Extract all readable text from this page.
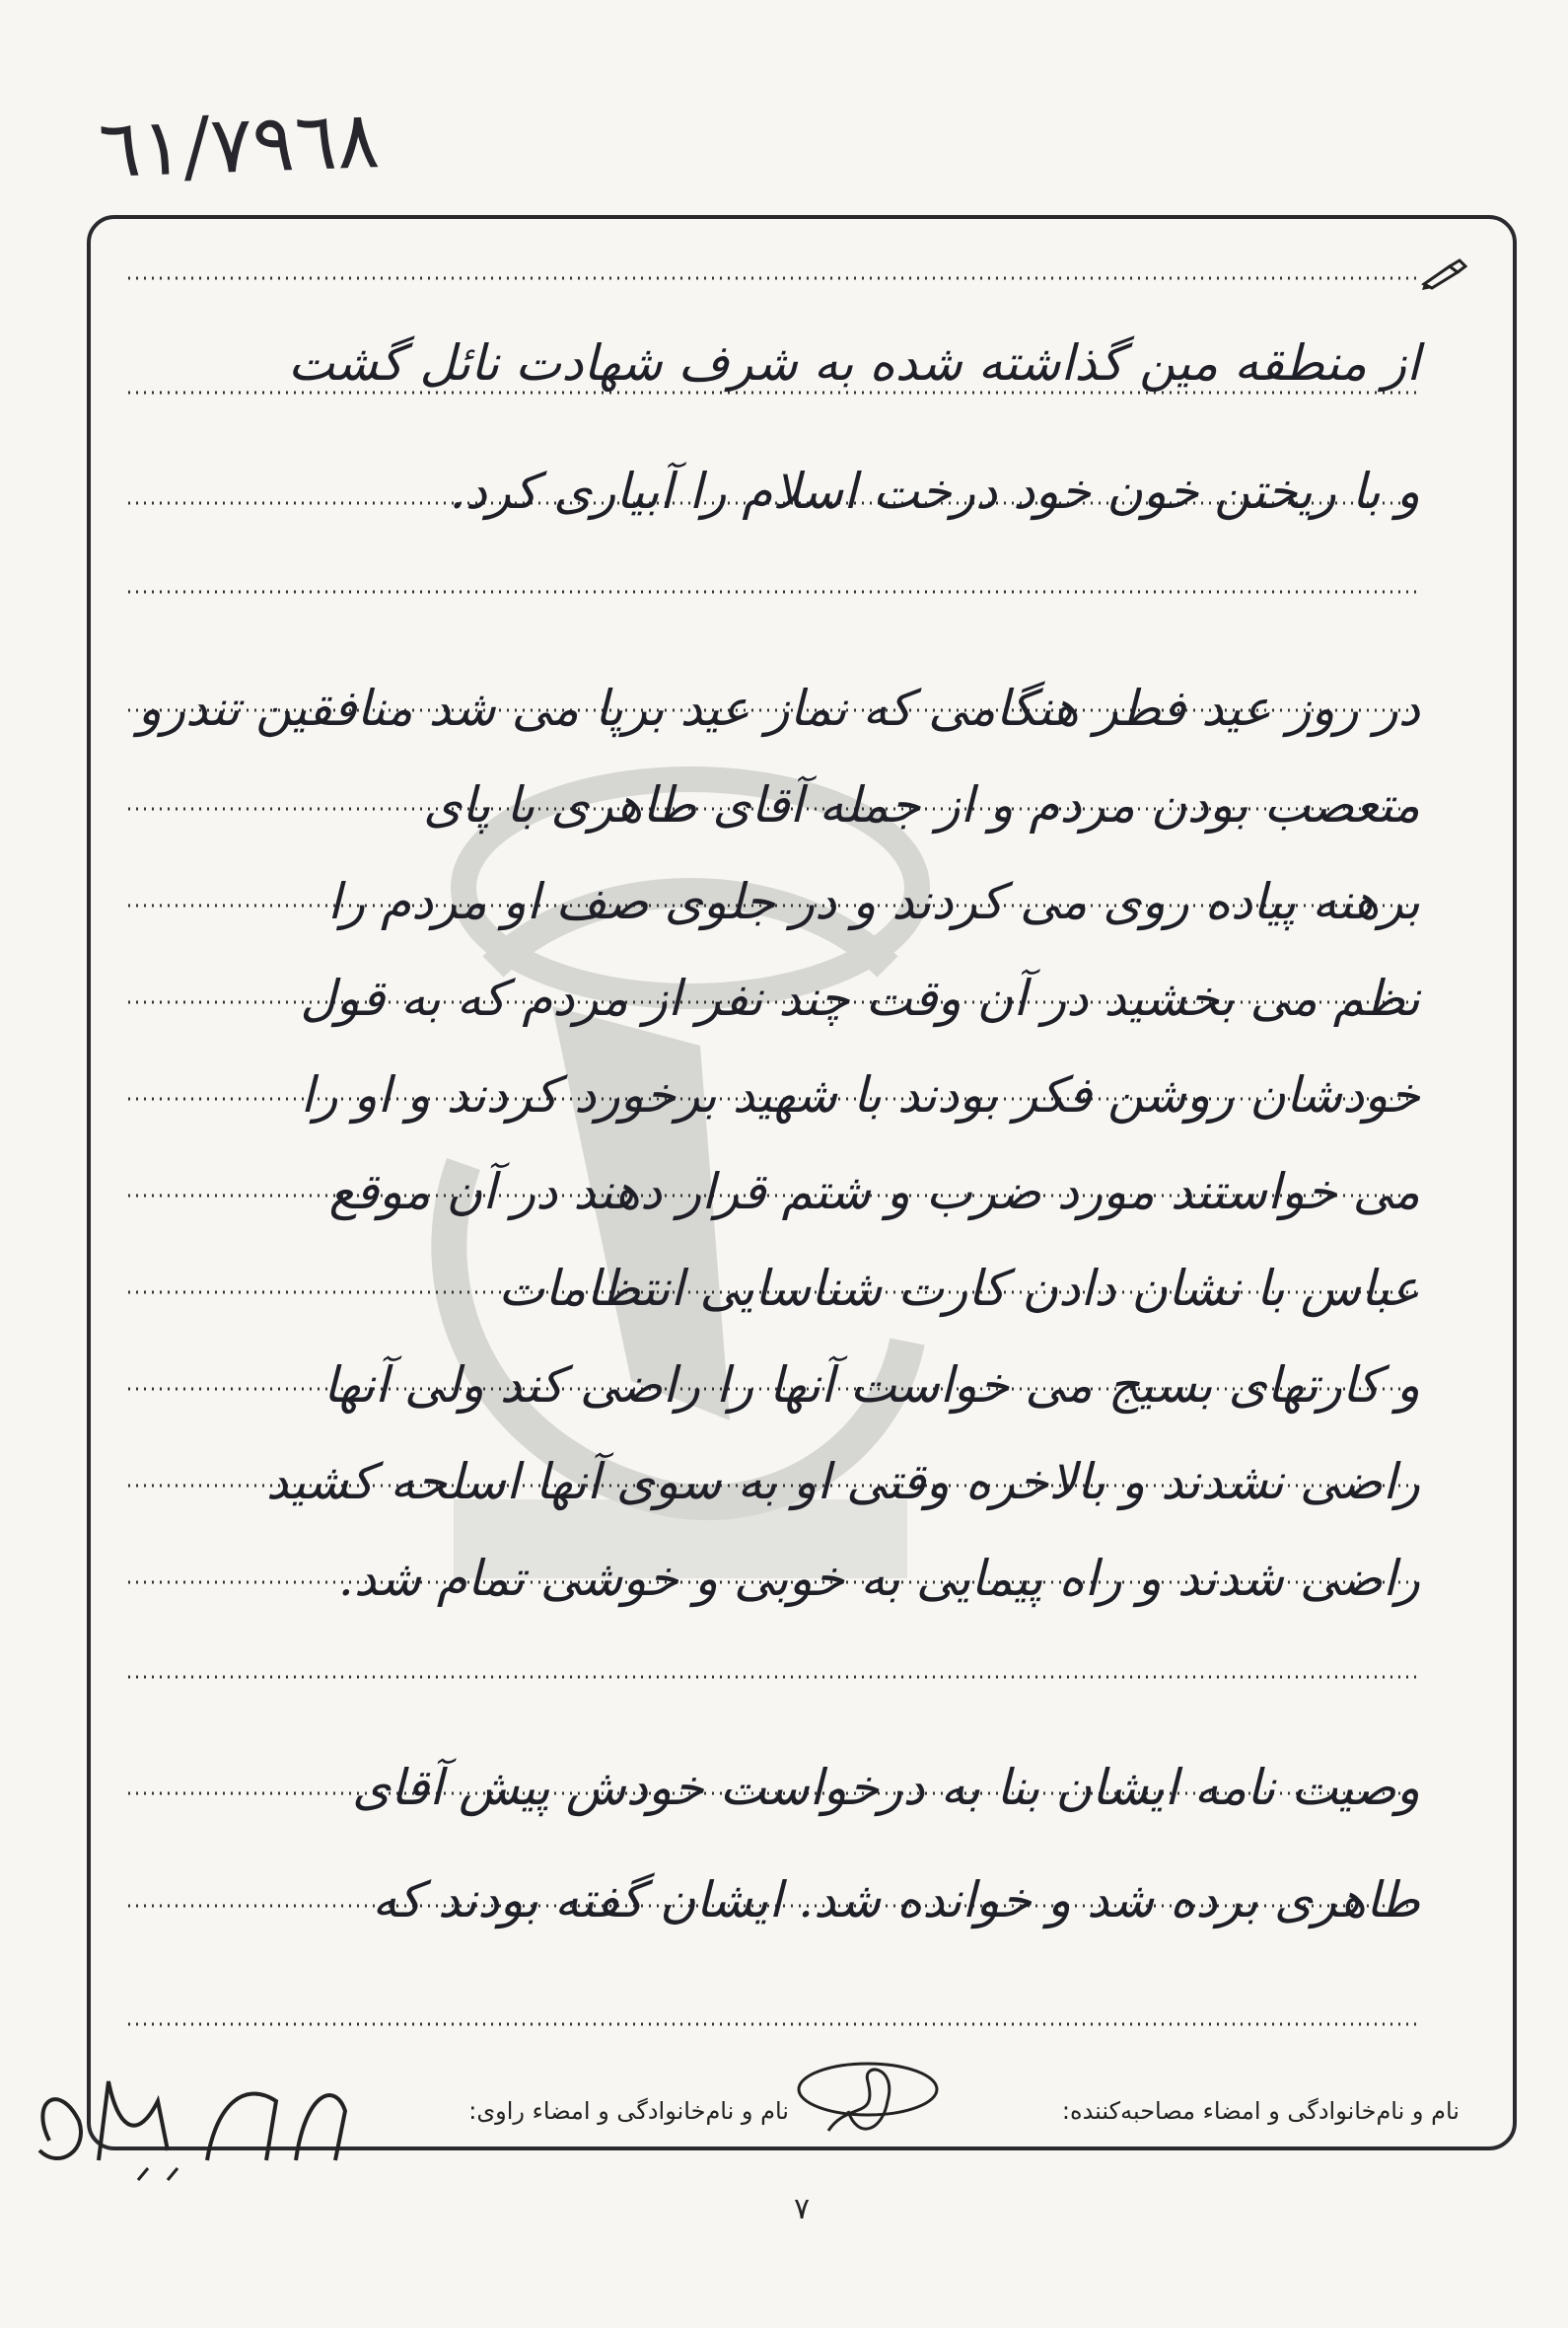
٦١/٧٩٦٨
از منطقه مین گذاشته شده به شرف شهادت نائل گشت
و با ریختن خون خود درخت اسلام را آبیاری کرد.
در روز عید فطر هنگامی که نماز عید برپا می شد منافقین تندرو
متعصب بودن مردم و از جمله آقای طاهری با پای
برهنه پیاده روی می کردند و در جلوی صف او مردم را
نظم می بخشید در آن وقت چند نفر از مردم که به قول
خودشان روشن فکر بودند با شهید برخورد کردند و او را
می خواستند مورد ضرب و شتم قرار دهند در آن موقع
عباس با نشان دادن کارت شناسایی انتظامات
و کارتهای بسیج می خواست آنها را راضی کند ولی آنها
راضی نشدند و بالاخره وقتی او به سوی آنها اسلحه کشید
راضی شدند و راه پیمایی به خوبی و خوشی تمام شد.
وصیت نامه ایشان بنا به درخواست خودش پیش آقای
طاهری برده شد و خوانده شد. ایشان گفته بودند که
نام و نام‌خانوادگی و امضاء مصاحبه‌کننده:
نام و نام‌خانوادگی و امضاء راوی:
۷
